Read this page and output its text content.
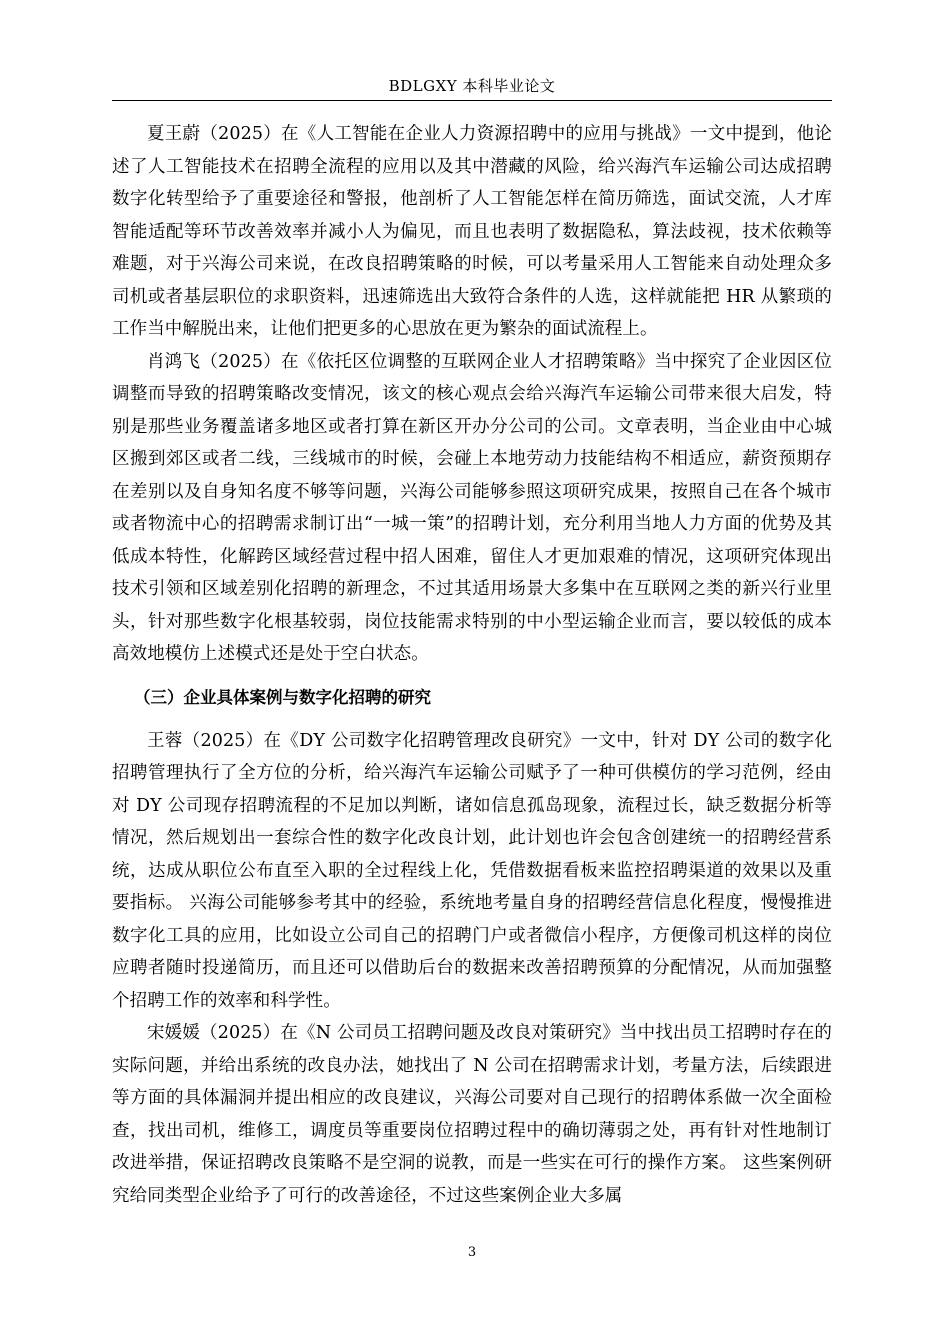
BDLGXY 本科毕业论文

夏王蔚（2025）在《人工智能在企业人力资源招聘中的应用与挑战》一文中提到，他论述了人工智能技术在招聘全流程的应用以及其中潜藏的风险，给兴海汽车运输公司达成招聘数字化转型给予了重要途径和警报，他剖析了人工智能怎样在简历筛选，面试交流，人才库智能适配等环节改善效率并减小人为偏见，而且也表明了数据隐私，算法歧视，技术依赖等难题，对于兴海公司来说，在改良招聘策略的时候，可以考量采用人工智能来自动处理众多司机或者基层职位的求职资料，迅速筛选出大致符合条件的人选，这样就能把 HR 从繁琐的工作当中解脱出来，让他们把更多的心思放在更为繁杂的面试流程上。

肖鸿飞（2025）在《依托区位调整的互联网企业人才招聘策略》当中探究了企业因区位调整而导致的招聘策略改变情况，该文的核心观点会给兴海汽车运输公司带来很大启发，特别是那些业务覆盖诸多地区或者打算在新区开办分公司的公司。文章表明，当企业由中心城区搬到郊区或者二线，三线城市的时候，会碰上本地劳动力技能结构不相适应，薪资预期存在差别以及自身知名度不够等问题，兴海公司能够参照这项研究成果，按照自己在各个城市或者物流中心的招聘需求制订出“一城一策”的招聘计划，充分利用当地人力方面的优势及其低成本特性，化解跨区域经营过程中招人困难，留住人才更加艰难的情况，这项研究体现出技术引领和区域差别化招聘的新理念，不过其适用场景大多集中在互联网之类的新兴行业里头，针对那些数字化根基较弱，岗位技能需求特别的中小型运输企业而言，要以较低的成本高效地模仿上述模式还是处于空白状态。

（三）企业具体案例与数字化招聘的研究

王蓉（2025）在《DY 公司数字化招聘管理改良研究》一文中，针对 DY 公司的数字化招聘管理执行了全方位的分析，给兴海汽车运输公司赋予了一种可供模仿的学习范例，经由对 DY 公司现存招聘流程的不足加以判断，诸如信息孤岛现象，流程过长，缺乏数据分析等情况，然后规划出一套综合性的数字化改良计划，此计划也许会包含创建统一的招聘经营系统，达成从职位公布直至入职的全过程线上化，凭借数据看板来监控招聘渠道的效果以及重要指标。 兴海公司能够参考其中的经验，系统地考量自身的招聘经营信息化程度，慢慢推进数字化工具的应用，比如设立公司自己的招聘门户或者微信小程序，方便像司机这样的岗位应聘者随时投递简历，而且还可以借助后台的数据来改善招聘预算的分配情况，从而加强整个招聘工作的效率和科学性。

宋媛媛（2025）在《N 公司员工招聘问题及改良对策研究》当中找出员工招聘时存在的实际问题，并给出系统的改良办法，她找出了 N 公司在招聘需求计划，考量方法，后续跟进等方面的具体漏洞并提出相应的改良建议，兴海公司要对自己现行的招聘体系做一次全面检查，找出司机，维修工，调度员等重要岗位招聘过程中的确切薄弱之处，再有针对性地制订改进举措，保证招聘改良策略不是空洞的说教，而是一些实在可行的操作方案。 这些案例研究给同类型企业给予了可行的改善途径，不过这些案例企业大多属

3
